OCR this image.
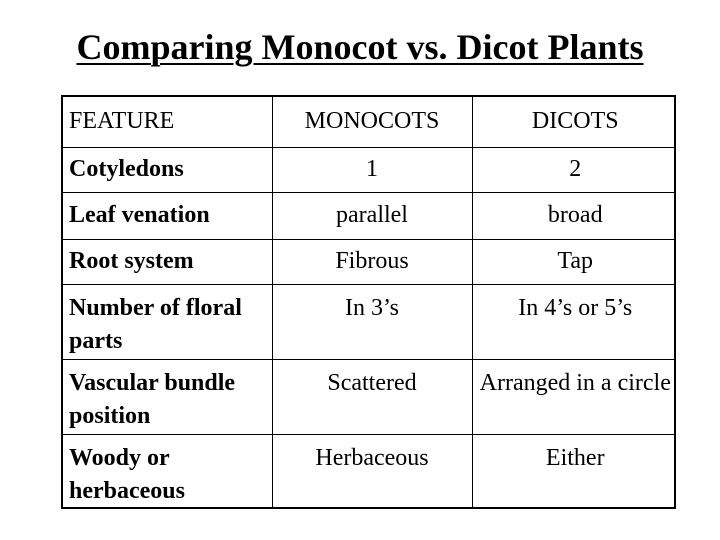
Comparing Monocot vs. Dicot Plants
FEATURE	MONOCOTS	DICOTS
Cotyledons	1	2
Leaf venation	parallel	broad
Root system	Fibrous	Tap
Number of floral parts	In 3’s	In 4’s or 5’s
Vascular bundle position	Scattered	Arranged in a circle
Woody or herbaceous	Herbaceous	Either
